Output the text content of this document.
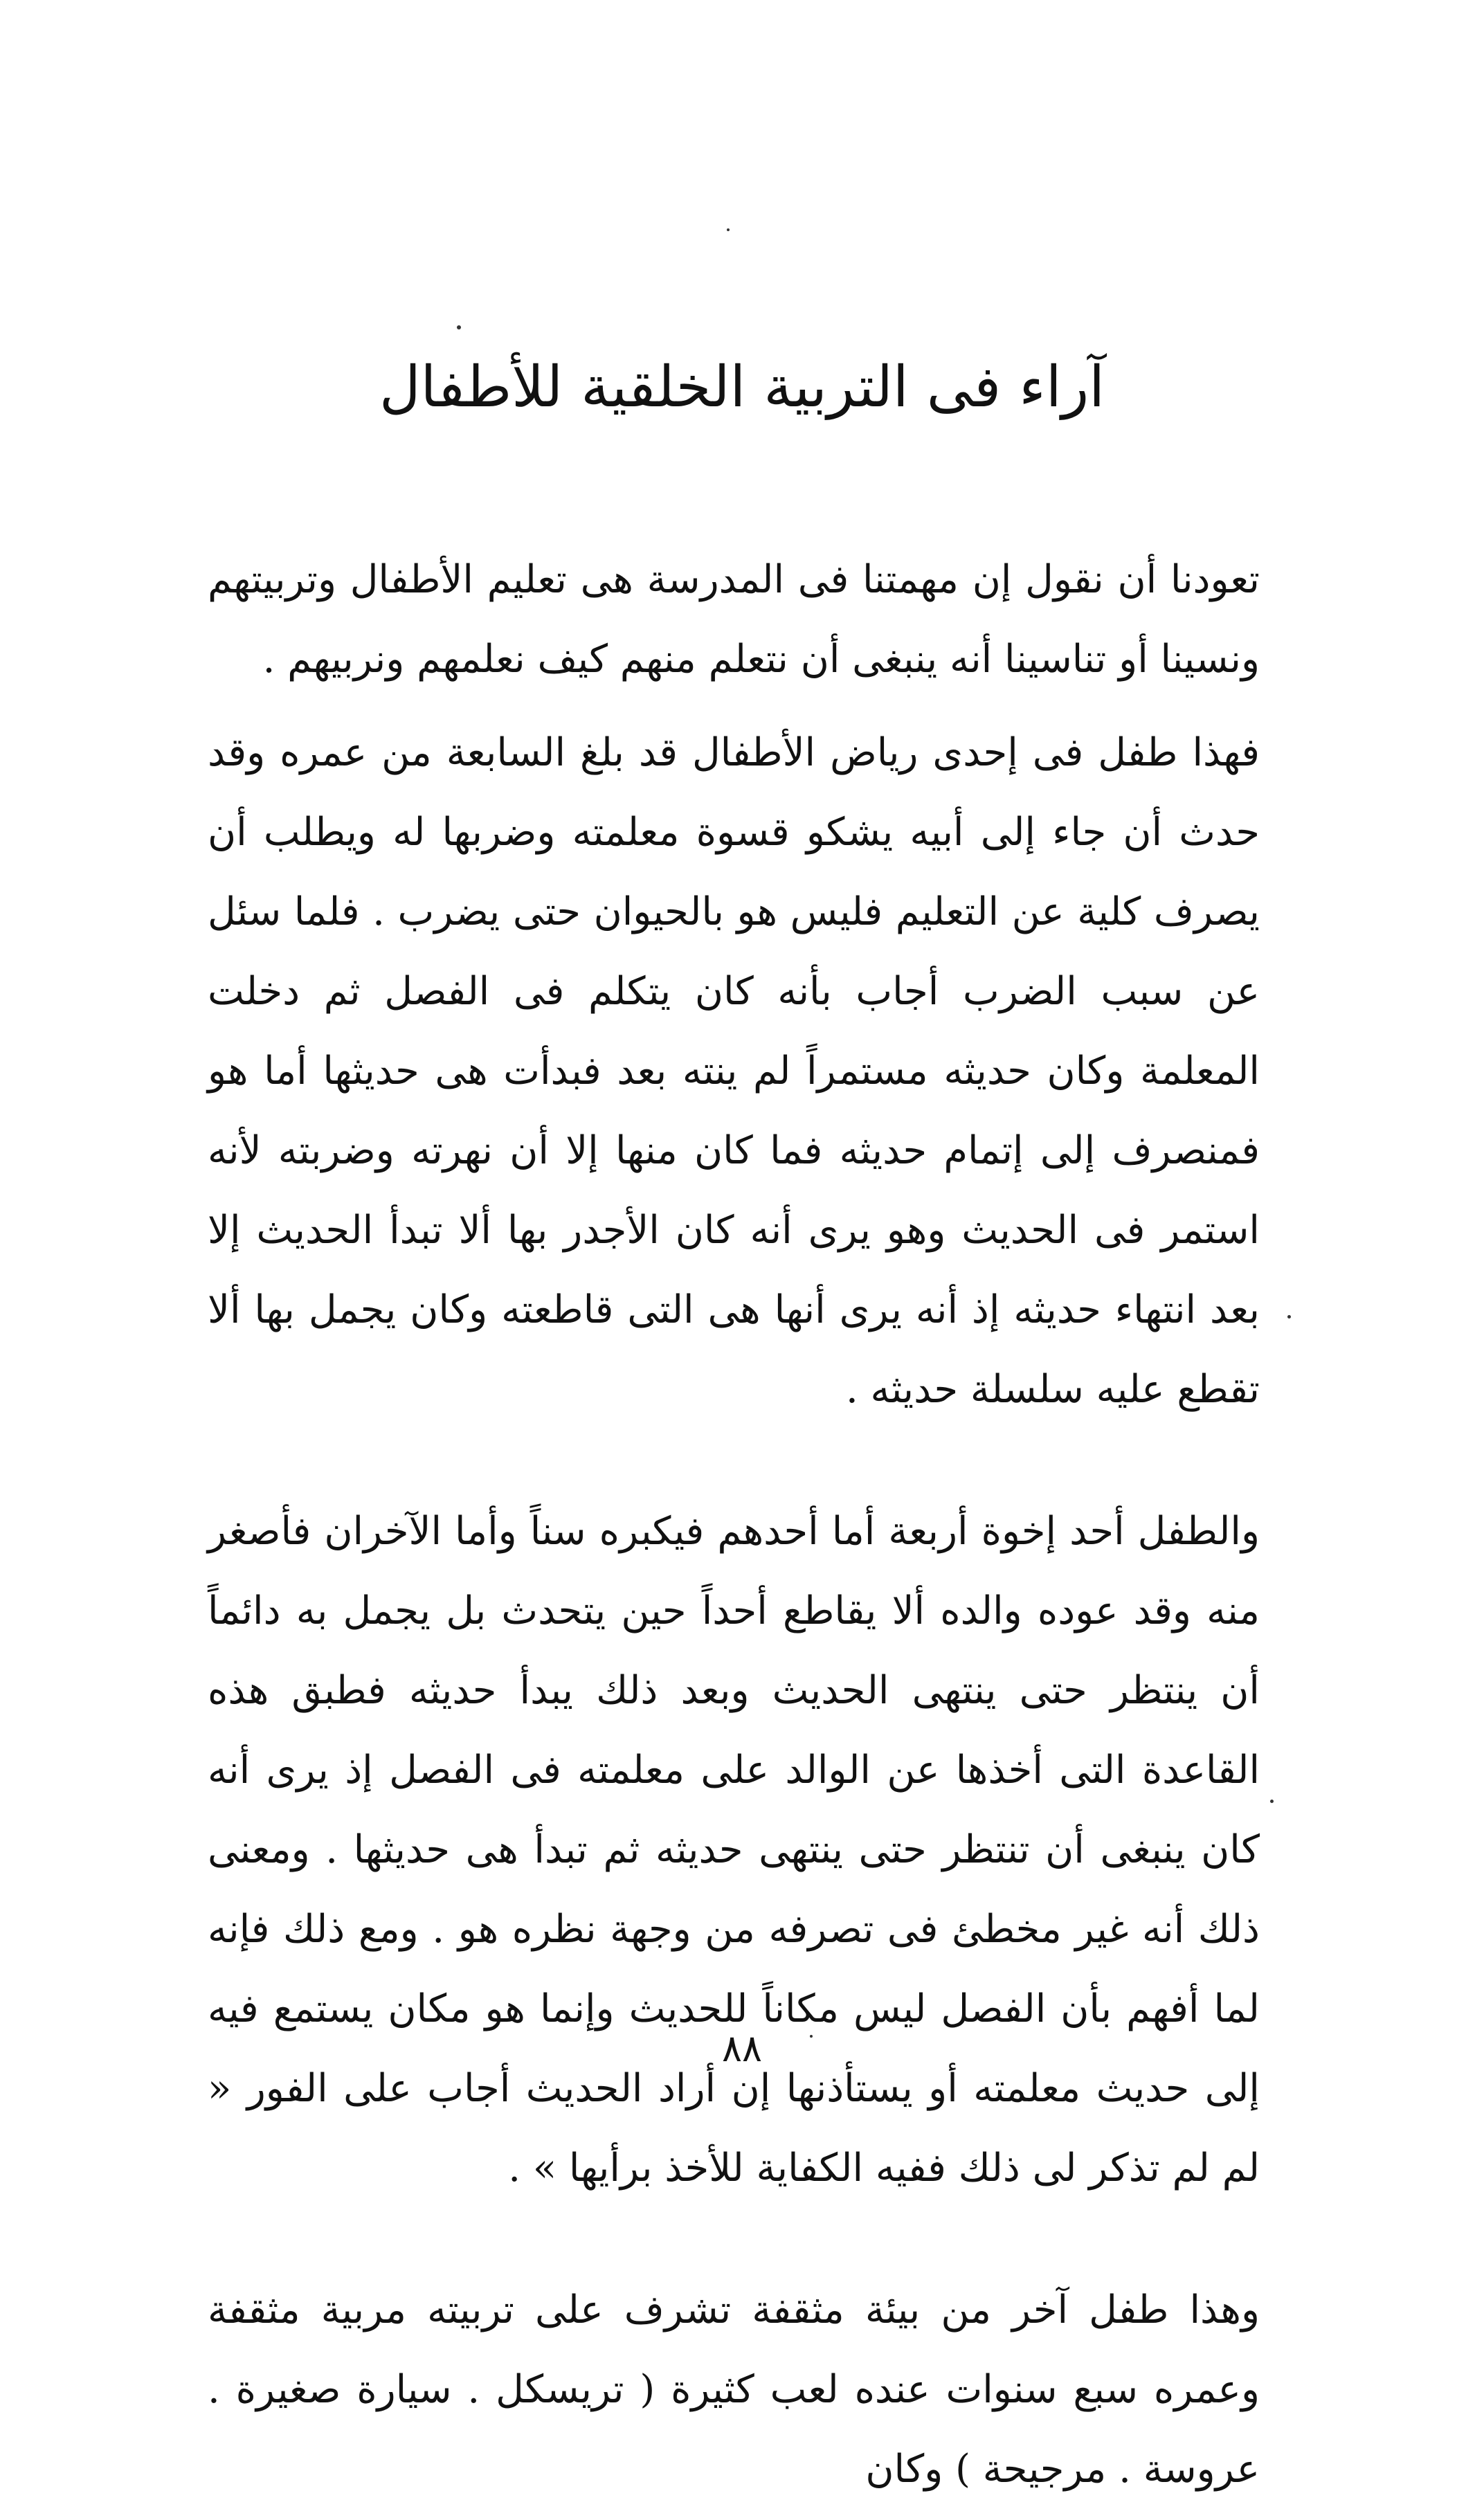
آراء فى التربية الخلقية للأطفال

تعودنا أن نقول إن مهمتنا فى المدرسة هى تعليم الأطفال وتربيتهم ونسينا أو تناسينا أنه ينبغى أن نتعلم منهم كيف نعلمهم ونربيهم .

فهذا طفل فى إحدى رياض الأطفال قد بلغ السابعة من عمره وقد حدث أن جاء إلى أبيه يشكو قسوة معلمته وضربها له ويطلب أن يصرف كلية عن التعليم فليس هو بالحيوان حتى يضرب . فلما سئل عن سبب الضرب أجاب بأنه كان يتكلم فى الفصل ثم دخلت المعلمة وكان حديثه مستمراً لم ينته بعد فبدأت هى حديثها أما هو فمنصرف إلى إتمام حديثه فما كان منها إلا أن نهرته وضربته لأنه استمر فى الحديث وهو يرى أنه كان الأجدر بها ألا تبدأ الحديث إلا بعد انتهاء حديثه إذ أنه يرى أنها هى التى قاطعته وكان يجمل بها ألا تقطع عليه سلسلة حديثه .

والطفل أحد إخوة أربعة أما أحدهم فيكبره سناً وأما الآخران فأصغر منه وقد عوده والده ألا يقاطع أحداً حين يتحدث بل يجمل به دائماً أن ينتظر حتى ينتهى الحديث وبعد ذلك يبدأ حديثه فطبق هذه القاعدة التى أخذها عن الوالد على معلمته فى الفصل إذ يرى أنه كان ينبغى أن تنتظر حتى ينتهى حديثه ثم تبدأ هى حديثها . ومعنى ذلك أنه غير مخطئ فى تصرفه من وجهة نظره هو . ومع ذلك فإنه لما أفهم بأن الفصل ليس مكاناً للحديث وإنما هو مكان يستمع فيه إلى حديث معلمته أو يستأذنها إن أراد الحديث أجاب على الفور « لم لم تذكر لى ذلك ففيه الكفاية للأخذ برأيها » .

وهذا طفل آخر من بيئة مثقفة تشرف على تربيته مربية مثقفة وعمره سبع سنوات عنده لعب كثيرة ( تريسكل . سيارة صغيرة . عروسة . مرجيحة ) وكان

٨٨
